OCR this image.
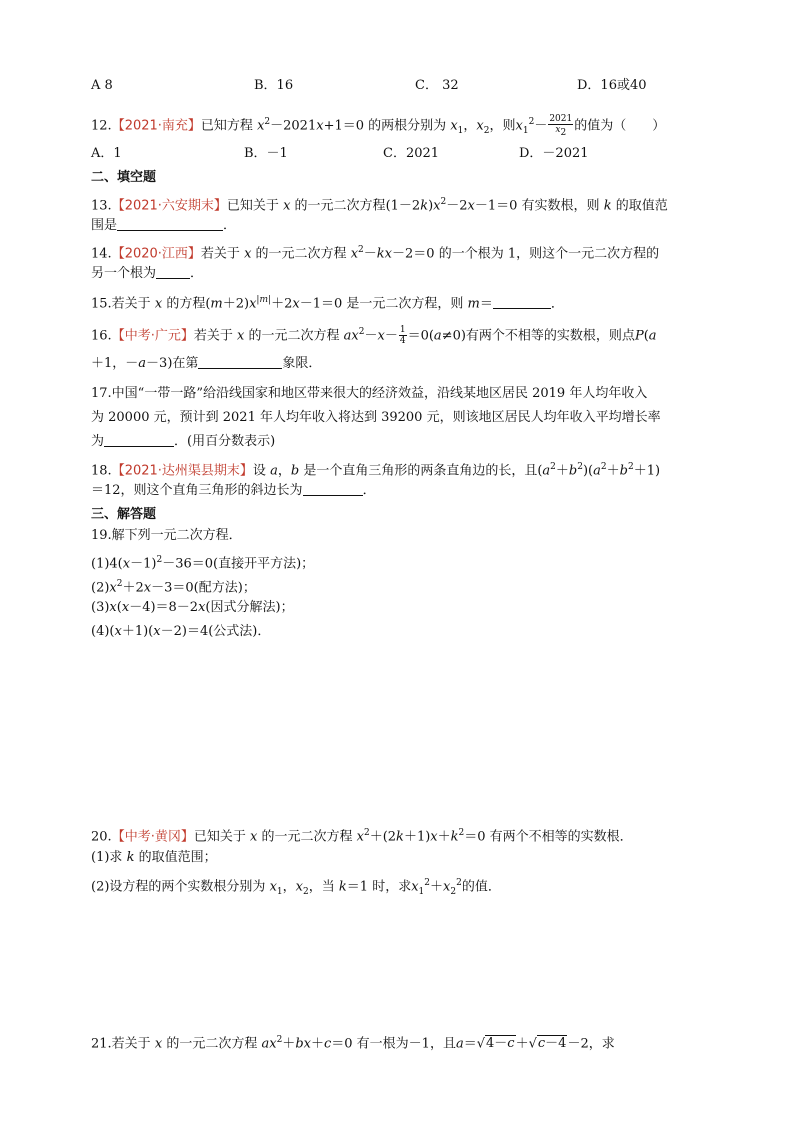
A 8	B．16	C． 32	D．16或40
12.【2021·南充】已知方程 $x^2-2021x+1=0$ 的两根分别为 $x_1$，$x_2$，则$x_1^2- \frac{2021}{x_2}$ 的值为（　　）
A．1	B．－1	C．2021	D．－2021
二、填空题
13.【2021·六安期末】已知关于 x 的一元二次方程$(1-2k)x^2-2x-1=0$ 有实数根，则 k 的取值范
围是	．
14.【2020·江西】若关于 x 的一元二次方程 $x^2-kx-2=0$ 的一个根为 1，则这个一元二次方程的
另一个根为	．
15.若关于 x 的方程$(m+2)x^{|m|}+2x-1=0$ 是一元二次方程，则 m＝	．
16.【中考·广元】若关于 x 的一元二次方程 $ax^2-x- \frac{1}{4} =0(a\ne 0)$有两个不相等的实数根，则点P(a
＋1，－a－3)在第	象限．
17.中国“一带一路”给沿线国家和地区带来很大的经济效益，沿线某地区居民 2019 年人均年收入
为 20000 元，预计到 2021 年人均年收入将达到 39200 元，则该地区居民人均年收入平均增长率
为	．(用百分数表示)
18.【2021·达州渠县期末】设 a，b 是一个直角三角形的两条直角边的长，且$(a^2+b^2)(a^2+b^2+1)$
＝12，则这个直角三角形的斜边长为	．
三、解答题
19.解下列一元二次方程．
$(1)4(x-1)^2-36=0$(直接开平方法)；
$(2)x^2+2x-3=0$(配方法)；
(3)x(x－4)＝8－2x(因式分解法)；
(4)(x＋1)(x－2)＝4(公式法)．
20.【中考·黄冈】已知关于 x 的一元二次方程 $x^2+(2k+1)x+k^2=0$ 有两个不相等的实数根．
(1)求 k 的取值范围；
(2)设方程的两个实数根分别为 $x_1$，$x_2$，当 k＝1 时，求$x_1^2+x_2^2$的值．
21.若关于 x 的一元二次方程 $ax^2+bx+c=0$ 有一根为－1，且a＝√4－c＋√c－4－2，求
